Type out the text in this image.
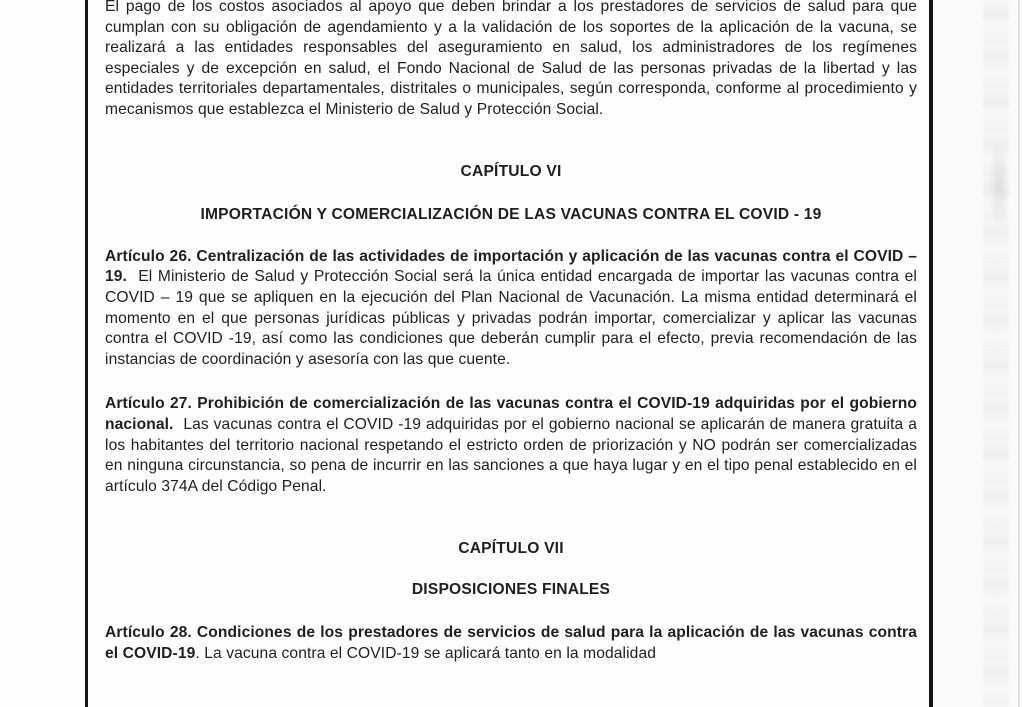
El pago de los costos asociados al apoyo que deben brindar a los prestadores de servicios de salud para que cumplan con su obligación de agendamiento y a la validación de los soportes de la aplicación de la vacuna, se realizará a las entidades responsables del aseguramiento en salud, los administradores de los regímenes especiales y de excepción en salud, el Fondo Nacional de Salud de las personas privadas de la libertad y las entidades territoriales departamentales, distritales o municipales, según corresponda, conforme al procedimiento y mecanismos que establezca el Ministerio de Salud y Protección Social.

CAPÍTULO VI
IMPORTACIÓN Y COMERCIALIZACIÓN DE LAS VACUNAS CONTRA EL COVID - 19

Artículo 26. Centralización de las actividades de importación y aplicación de las vacunas contra el COVID – 19.  El Ministerio de Salud y Protección Social será la única entidad encargada de importar las vacunas contra el COVID – 19 que se apliquen en la ejecución del Plan Nacional de Vacunación. La misma entidad determinará el momento en el que personas jurídicas públicas y privadas podrán importar, comercializar y aplicar las vacunas contra el COVID -19, así como las condiciones que deberán cumplir para el efecto, previa recomendación de las instancias de coordinación y asesoría con las que cuente.

Artículo 27. Prohibición de comercialización de las vacunas contra el COVID-19 adquiridas por el gobierno nacional.  Las vacunas contra el COVID -19 adquiridas por el gobierno nacional se aplicarán de manera gratuita a los habitantes del territorio nacional respetando el estricto orden de priorización y NO podrán ser comercializadas en ninguna circunstancia, so pena de incurrir en las sanciones a que haya lugar y en el tipo penal establecido en el artículo 374A del Código Penal.

CAPÍTULO VII
DISPOSICIONES FINALES

Artículo 28. Condiciones de los prestadores de servicios de salud para la aplicación de las vacunas contra el COVID-19. La vacuna contra el COVID-19 se aplicará tanto en la modalidad
